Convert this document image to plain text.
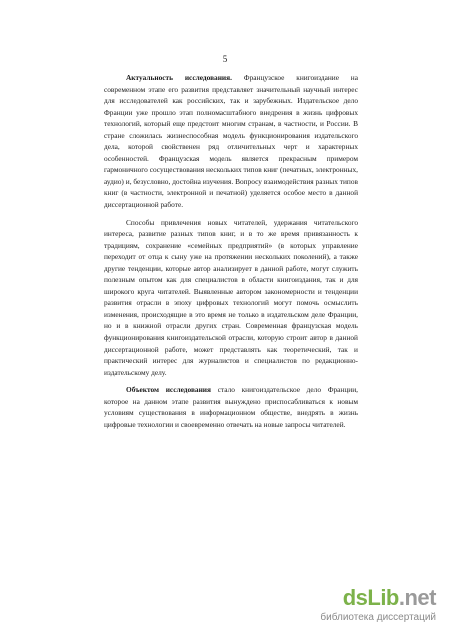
5

Актуальность исследования. Французское книгоиздание на современном этапе его развития представляет значительный научный интерес для исследователей как российских, так и зарубежных. Издательское дело Франции уже прошло этап полномасштабного внедрения в жизнь цифровых технологий, который еще предстоит многим странам, в частности, и России. В стране сложилась жизнеспособная модель функционирования издательского дела, которой свойственен ряд отличительных черт и характерных особенностей. Французская модель является прекрасным примером гармоничного сосуществования нескольких типов книг (печатных, электронных, аудио) и, безусловно, достойна изучения. Вопросу взаимодействия разных типов книг (в частности, электронной и печатной) уделяется особое место в данной диссертационной работе.

Способы привлечения новых читателей, удержания читательского интереса, развитие разных типов книг, и в то же время привязанность к традициям, сохранение «семейных предприятий» (в которых управление переходит от отца к сыну уже на протяжении нескольких поколений), а также другие тенденции, которые автор анализирует в данной работе, могут служить полезным опытом как для специалистов в области книгоиздания, так и для широкого круга читателей. Выявленные автором закономерности и тенденции развития отрасли в эпоху цифровых технологий могут помочь осмыслить изменения, происходящие в это время не только в издательском деле Франции, но и в книжной отрасли других стран. Современная французская модель функционирования книгоиздательской отрасли, которую строит автор в данной диссертационной работе, может представлять как теоретический, так и практический интерес для журналистов и специалистов по редакционно-издательскому делу.

Объектом исследования стало книгоиздательское дело Франции, которое на данном этапе развития вынуждено приспосабливаться к новым условиям существования в информационном обществе, внедрять в жизнь цифровые технологии и своевременно отвечать на новые запросы читателей.

dsLib.net
библиотека диссертаций
